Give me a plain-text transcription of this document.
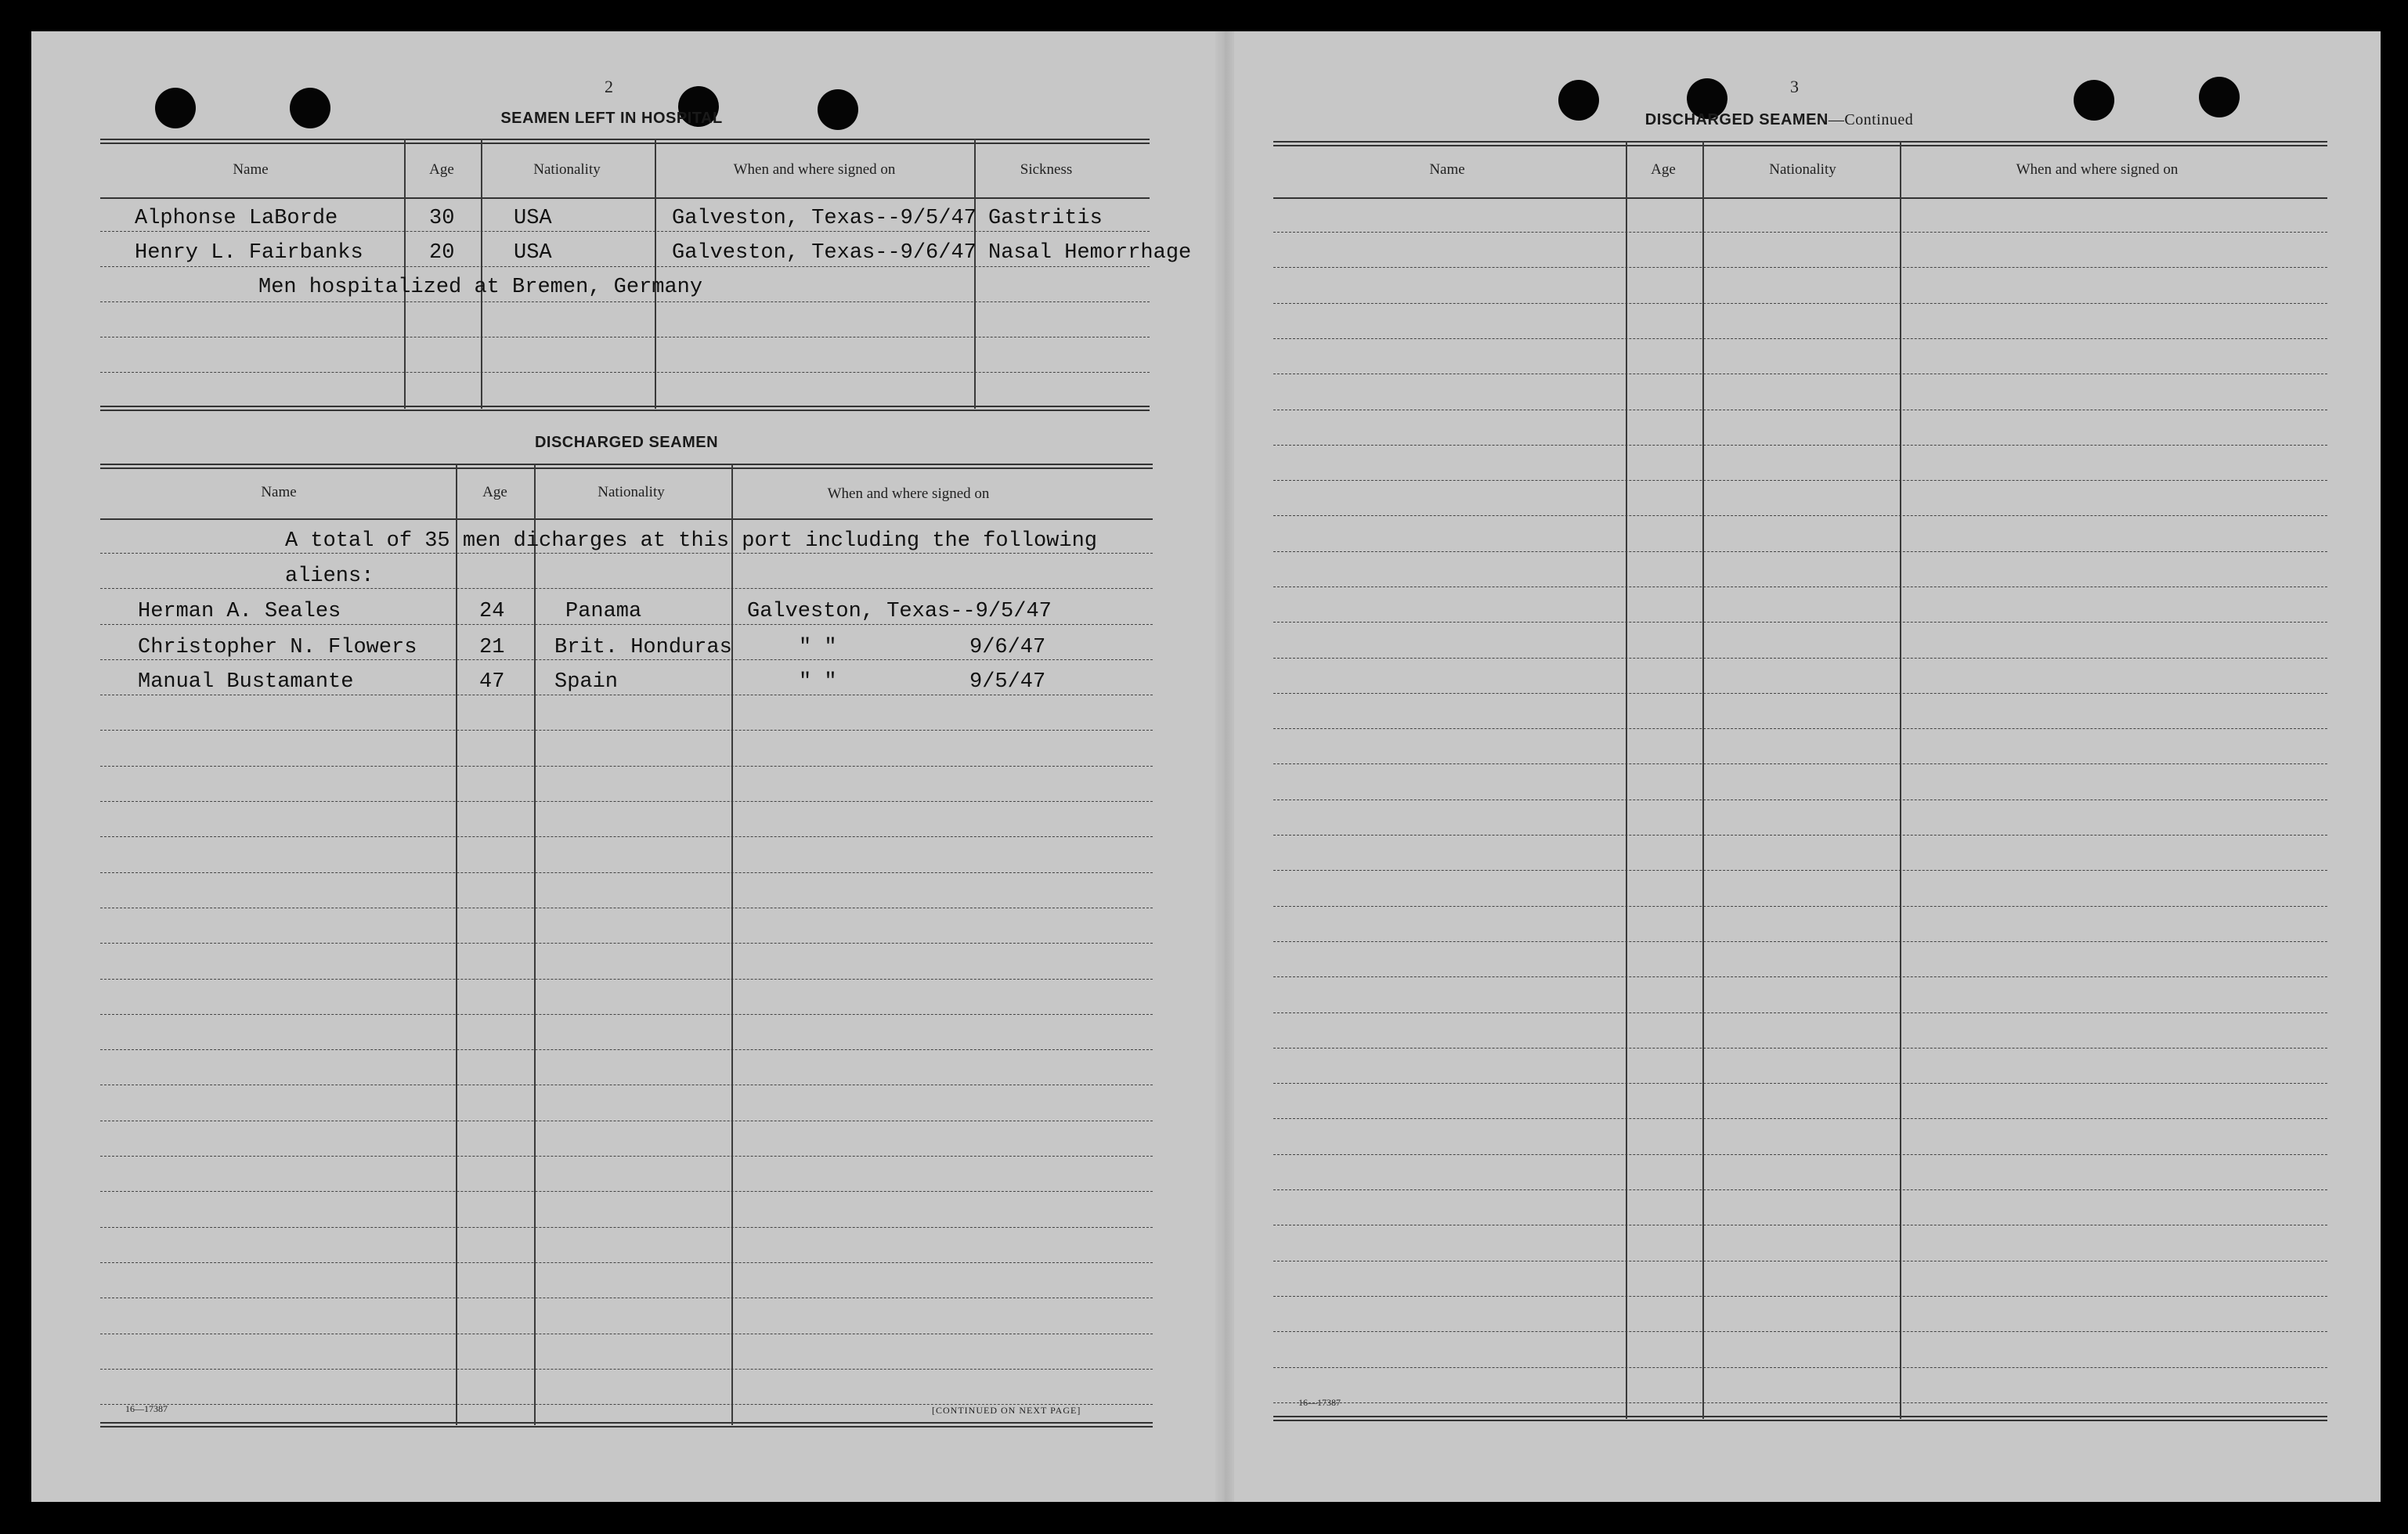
2
SEAMEN LEFT IN HOSPITAL
Name	Age	Nationality	When and where signed on	Sickness
Alphonse LaBorde	30	USA	Galveston, Texas--9/5/47 Gastritis
Henry L. Fairbanks	20	USA	Galveston, Texas--9/6/47 Nasal Hemorrhage
Men hospitalized at Bremen, Germany
DISCHARGED SEAMEN
Name	Age	Nationality	When and where signed on
A total of 35 men dicharges at this port including the following
aliens:
Herman A. Seales	24	Panama	Galveston, Texas--9/5/47
Christopher N. Flowers	21 Brit. Honduras	" "	9/6/47
Manual Bustamante	47 Spain	" "	9/5/47
16—17387	[CONTINUED ON NEXT PAGE]
3
DISCHARGED SEAMEN—Continued
Name	Age	Nationality	When and where signed on
16—17387
